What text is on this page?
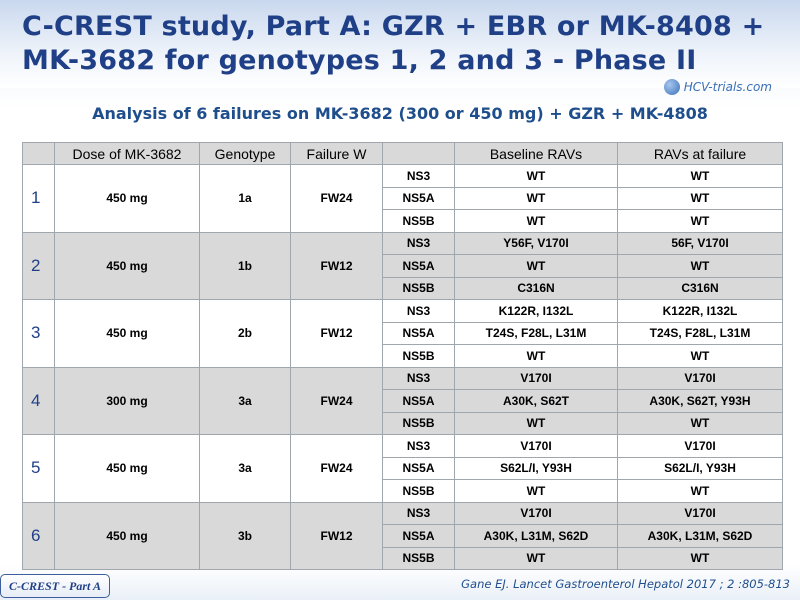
C-CREST study, Part A: GZR + EBR or MK-8408 + MK-3682 for genotypes 1, 2 and 3 - Phase II
HCV-trials.com
Analysis of 6 failures on MK-3682 (300 or 450 mg) + GZR + MK-4808
	Dose of MK-3682	Genotype	Failure W		Baseline RAVs	RAVs at failure
1	450 mg	1a	FW24	NS3	WT	WT
				NS5A	WT	WT
				NS5B	WT	WT
2	450 mg	1b	FW12	NS3	Y56F, V170I	56F, V170I
				NS5A	WT	WT
				NS5B	C316N	C316N
3	450 mg	2b	FW12	NS3	K122R, I132L	K122R, I132L
				NS5A	T24S, F28L, L31M	T24S, F28L, L31M
				NS5B	WT	WT
4	300 mg	3a	FW24	NS3	V170I	V170I
				NS5A	A30K, S62T	A30K, S62T, Y93H
				NS5B	WT	WT
5	450 mg	3a	FW24	NS3	V170I	V170I
				NS5A	S62L/I, Y93H	S62L/I, Y93H
				NS5B	WT	WT
6	450 mg	3b	FW12	NS3	V170I	V170I
				NS5A	A30K, L31M, S62D	A30K, L31M, S62D
				NS5B	WT	WT
C-CREST - Part A	Gane EJ. Lancet Gastroenterol Hepatol 2017 ; 2 :805-813
